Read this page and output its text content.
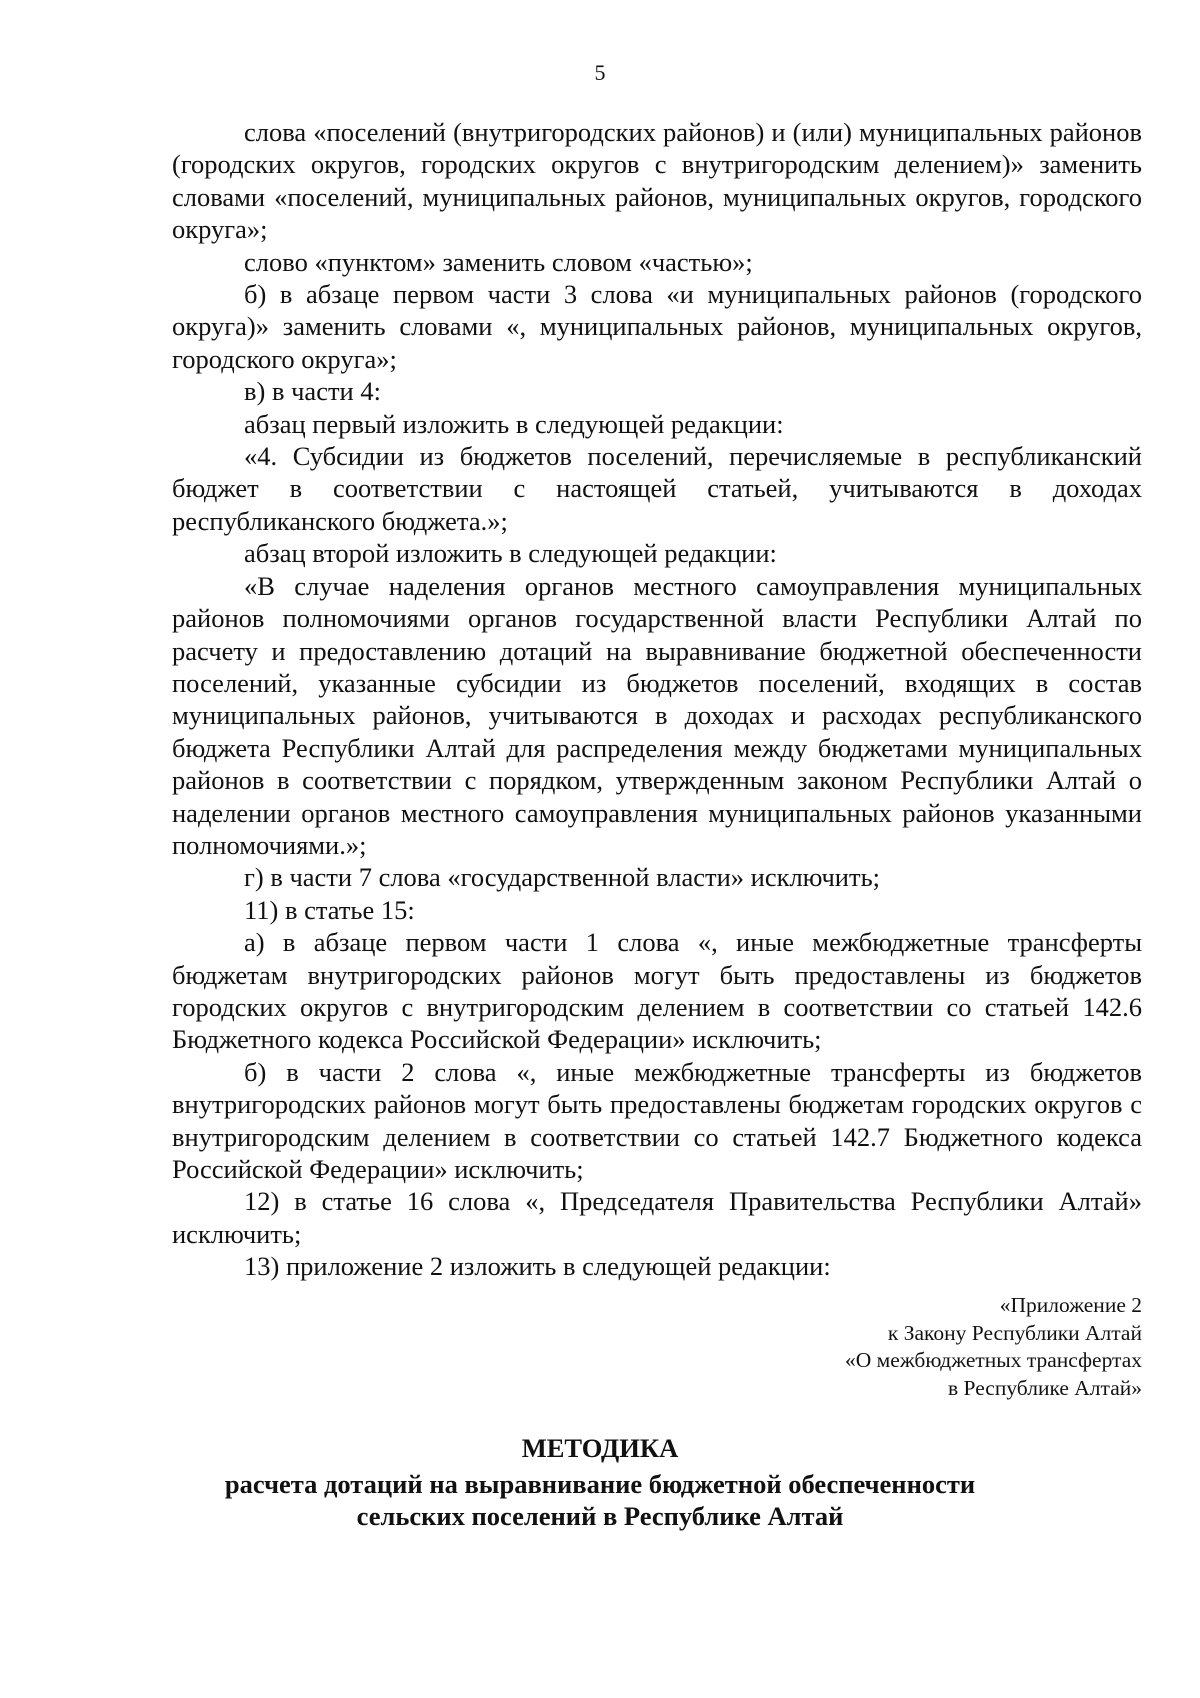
5

слова «поселений (внутригородских районов) и (или) муниципальных районов (городских округов, городских округов с внутригородским делением)» заменить словами «поселений, муниципальных районов, муниципальных округов, городского округа»;

слово «пунктом» заменить словом «частью»;

б) в абзаце первом части 3 слова «и муниципальных районов (городского округа)» заменить словами «, муниципальных районов, муниципальных округов, городского округа»;

в) в части 4:

абзац первый изложить в следующей редакции:

«4. Субсидии из бюджетов поселений, перечисляемые в республиканский бюджет в соответствии с настоящей статьей, учитываются в доходах республиканского бюджета.»;

абзац второй изложить в следующей редакции:

«В случае наделения органов местного самоуправления муниципальных районов полномочиями органов государственной власти Республики Алтай по расчету и предоставлению дотаций на выравнивание бюджетной обеспеченности поселений, указанные субсидии из бюджетов поселений, входящих в состав муниципальных районов, учитываются в доходах и расходах республиканского бюджета Республики Алтай для распределения между бюджетами муниципальных районов в соответствии с порядком, утвержденным законом Республики Алтай о наделении органов местного самоуправления муниципальных районов указанными полномочиями.»;

г) в части 7 слова «государственной власти» исключить;

11) в статье 15:

а) в абзаце первом части 1 слова «, иные межбюджетные трансферты бюджетам внутригородских районов могут быть предоставлены из бюджетов городских округов с внутригородским делением в соответствии со статьей 142.6 Бюджетного кодекса Российской Федерации» исключить;

б) в части 2 слова «, иные межбюджетные трансферты из бюджетов внутригородских районов могут быть предоставлены бюджетам городских округов с внутригородским делением в соответствии со статьей 142.7 Бюджетного кодекса Российской Федерации» исключить;

12) в статье 16 слова «, Председателя Правительства Республики Алтай» исключить;

13) приложение 2 изложить в следующей редакции:

«Приложение 2
к Закону Республики Алтай
«О межбюджетных трансфертах
в Республике Алтай»
МЕТОДИКА
расчета дотаций на выравнивание бюджетной обеспеченности
сельских поселений в Республике Алтай
